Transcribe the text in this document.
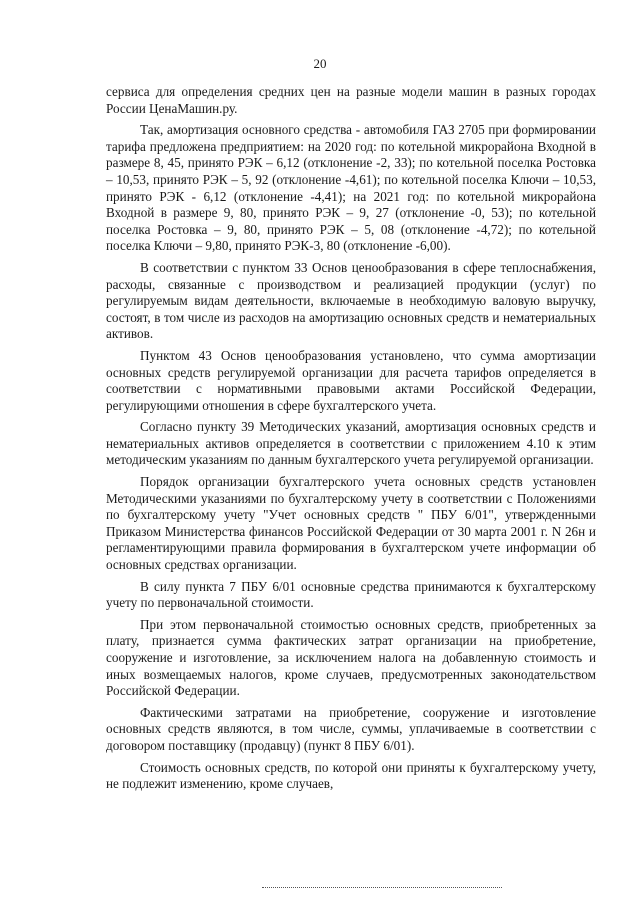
20

сервиса для определения средних цен на разные модели машин в разных городах России ЦенаМашин.ру.

Так, амортизация основного средства - автомобиля ГАЗ 2705 при формировании тарифа предложена предприятием: на 2020 год: по котельной микрорайона Входной в размере 8, 45, принято РЭК – 6,12 (отклонение -2, 33); по котельной поселка Ростовка – 10,53, принято РЭК – 5, 92 (отклонение -4,61); по котельной поселка Ключи – 10,53, принято РЭК - 6,12 (отклонение -4,41); на 2021 год: по котельной микрорайона Входной в размере 9, 80, принято РЭК – 9, 27 (отклонение -0, 53); по котельной поселка Ростовка – 9, 80, принято РЭК – 5, 08 (отклонение -4,72); по котельной поселка Ключи – 9,80, принято РЭК-3, 80 (отклонение -6,00).

В соответствии с пунктом 33 Основ ценообразования в сфере теплоснабжения, расходы, связанные с производством и реализацией продукции (услуг) по регулируемым видам деятельности, включаемые в необходимую валовую выручку, состоят, в том числе из расходов на амортизацию основных средств и нематериальных активов.

Пунктом 43 Основ ценообразования установлено, что сумма амортизации основных средств регулируемой организации для расчета тарифов определяется в соответствии с нормативными правовыми актами Российской Федерации, регулирующими отношения в сфере бухгалтерского учета.

Согласно пункту 39 Методических указаний, амортизация основных средств и нематериальных активов определяется в соответствии с приложением 4.10 к этим методическим указаниям по данным бухгалтерского учета регулируемой организации.

Порядок организации бухгалтерского учета основных средств установлен Методическими указаниями по бухгалтерскому учету в соответствии с Положениями по бухгалтерскому учету "Учет основных средств " ПБУ 6/01", утвержденными Приказом Министерства финансов Российской Федерации от 30 марта 2001 г. N 26н и регламентирующими правила формирования в бухгалтерском учете информации об основных средствах организации.

В силу пункта 7 ПБУ 6/01 основные средства принимаются к бухгалтерскому учету по первоначальной стоимости.

При этом первоначальной стоимостью основных средств, приобретенных за плату, признается сумма фактических затрат организации на приобретение, сооружение и изготовление, за исключением налога на добавленную стоимость и иных возмещаемых налогов, кроме случаев, предусмотренных законодательством Российской Федерации.

Фактическими затратами на приобретение, сооружение и изготовление основных средств являются, в том числе, суммы, уплачиваемые в соответствии с договором поставщику (продавцу) (пункт 8 ПБУ 6/01).

Стоимость основных средств, по которой они приняты к бухгалтерскому учету, не подлежит изменению, кроме случаев,
